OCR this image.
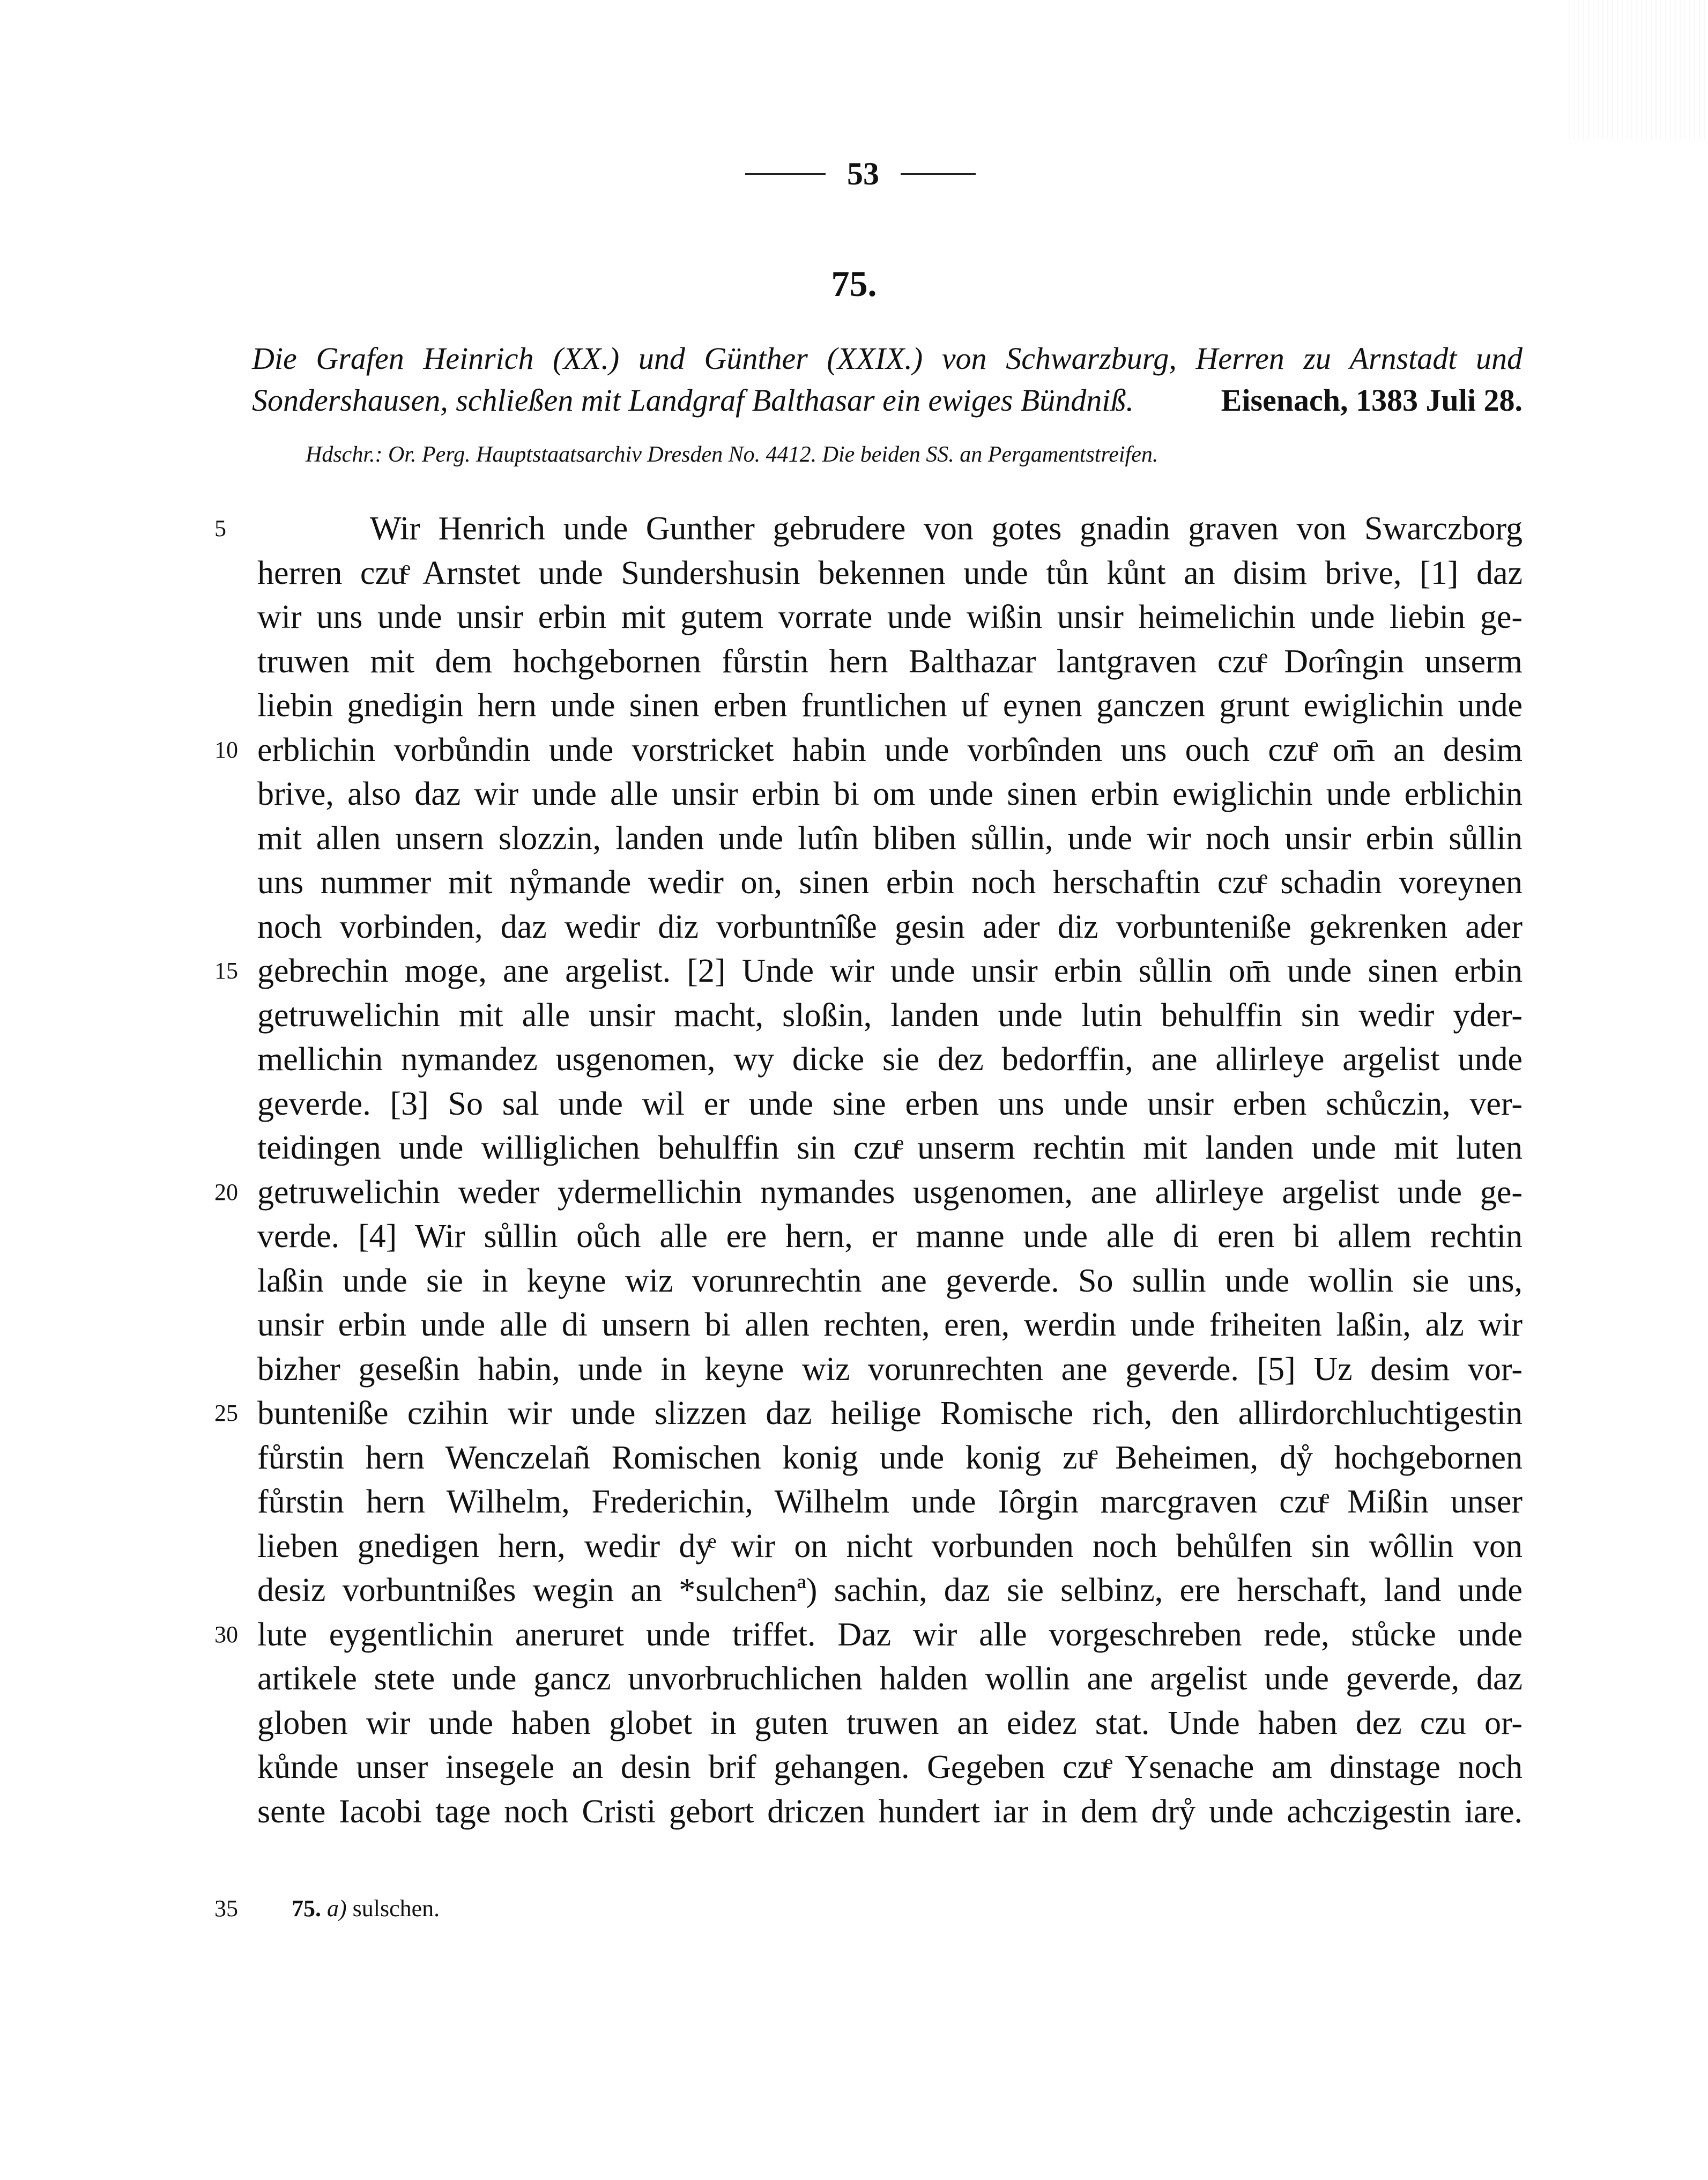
53
75.
Die Grafen Heinrich (XX.) und Günther (XXIX.) von Schwarzburg, Herren zu Arnstadt und Sondershausen, schließen mit Landgraf Balthasar ein ewiges Bündniß.	Eisenach, 1383 Juli 28.
Hdschr.: Or. Perg. Hauptstaatsarchiv Dresden No. 4412. Die beiden SS. an Pergamentstreifen.
5	Wir Henrich unde Gunther gebrudere von gotes gnadin graven von Swarczborg
herren czuͤ Arnstet unde Sundershusin bekennen unde tůn kůnt an disim brive, [1] daz
wir uns unde unsir erbin mit gutem vorrate unde wißin unsir heimelichin unde liebin ge-
truwen mit dem hochgebornen fůrstin hern Balthazar lantgraven czuͤ Dorîngin unserm
liebin gnedigin hern unde sinen erben fruntlichen uf eynen ganczen grunt ewiglichin unde
10 erblichin vorbůndin unde vorstricket habin unde vorbînden uns ouch czuͤ om̄ an desim
brive, also daz wir unde alle unsir erbin bi om unde sinen erbin ewiglichin unde erblichin
mit allen unsern slozzin, landen unde lutîn bliben sůllin, unde wir noch unsir erbin sůllin
uns nummer mit nẙmande wedir on, sinen erbin noch herschaftin czuͤ schadin voreynen
noch vorbinden, daz wedir diz vorbuntnîße gesin ader diz vorbunteniße gekrenken ader
15 gebrechin moge, ane argelist. [2] Unde wir unde unsir erbin sůllin om̄ unde sinen erbin
getruwelichin mit alle unsir macht, sloßin, landen unde lutin behulffin sin wedir yder-
mellichin nymandez usgenomen, wy dicke sie dez bedorffin, ane allirleye argelist unde
geverde. [3] So sal unde wil er unde sine erben uns unde unsir erben schůczin, ver-
teidingen unde williglichen behulffin sin czuͤ unserm rechtin mit landen unde mit luten
20 getruwelichin weder ydermellichin nymandes usgenomen, ane allirleye argelist unde ge-
verde. [4] Wir sůllin oůch alle ere hern, er manne unde alle di eren bi allem rechtin
laßin unde sie in keyne wiz vorunrechtin ane geverde. So sullin unde wollin sie uns,
unsir erbin unde alle di unsern bi allen rechten, eren, werdin unde friheiten laßin, alz wir
bizher geseßin habin, unde in keyne wiz vorunrechten ane geverde. [5] Uz desim vor-
25 bunteniße czihin wir unde slizzen daz heilige Romische rich, den allirdorchluchtigestin
fůrstin hern Wenczelañ Romischen konig unde konig zuͤ Beheimen, dẙ hochgebornen
fůrstin hern Wilhelm, Frederichin, Wilhelm unde Iôrgin marcgraven czuͤ Mißin unser
lieben gnedigen hern, wedir dyͤ wir on nicht vorbunden noch behůlfen sin wôllin von
desiz vorbuntnißes wegin an *sulchenª) sachin, daz sie selbinz, ere herschaft, land unde
30 lute eygentlichin aneruret unde triffet. Daz wir alle vorgeschreben rede, stůcke unde
artikele stete unde gancz unvorbruchlichen halden wollin ane argelist unde geverde, daz
globen wir unde haben globet in guten truwen an eidez stat. Unde haben dez czu or-
kůnde unser insegele an desin brif gehangen. Gegeben czuͤ Ysenache am dinstage noch
sente Iacobi tage noch Cristi gebort driczen hundert iar in dem drẙ unde achczigestin iare.
35 75. a) sulschen.
